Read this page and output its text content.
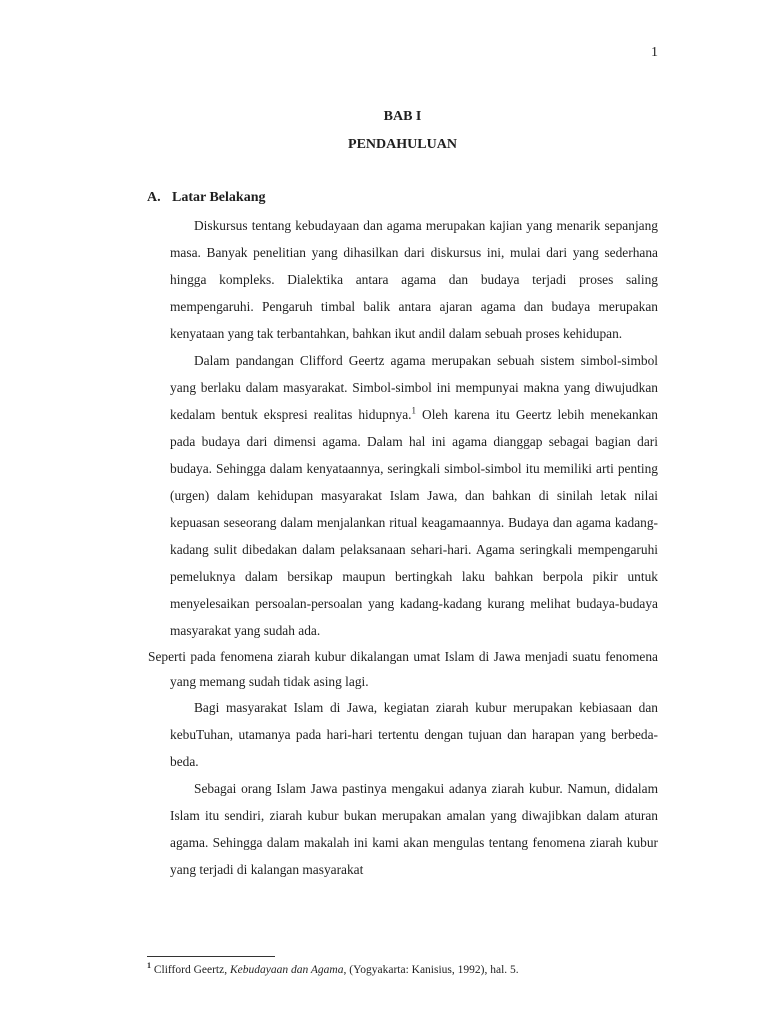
1
BAB I
PENDAHULUAN
A. Latar Belakang

Diskursus tentang kebudayaan dan agama merupakan kajian yang menarik sepanjang masa. Banyak penelitian yang dihasilkan dari diskursus ini, mulai dari yang sederhana hingga kompleks. Dialektika antara agama dan budaya terjadi proses saling mempengaruhi. Pengaruh timbal balik antara ajaran agama dan budaya merupakan kenyataan yang tak terbantahkan, bahkan ikut andil dalam sebuah proses kehidupan.

Dalam pandangan Clifford Geertz agama merupakan sebuah sistem simbol-simbol yang berlaku dalam masyarakat. Simbol-simbol ini mempunyai makna yang diwujudkan kedalam bentuk ekspresi realitas hidupnya.$^1$ Oleh karena itu Geertz lebih menekankan pada budaya dari dimensi agama. Dalam hal ini agama dianggap sebagai bagian dari budaya. Sehingga dalam kenyataannya, seringkali simbol-simbol itu memiliki arti penting (urgen) dalam kehidupan masyarakat Islam Jawa, dan bahkan di sinilah letak nilai kepuasan seseorang dalam menjalankan ritual keagamaannya. Budaya dan agama kadang-kadang sulit dibedakan dalam pelaksanaan sehari-hari. Agama seringkali mempengaruhi pemeluknya dalam bersikap maupun bertingkah laku bahkan berpola pikir untuk menyelesaikan persoalan-persoalan yang kadang-kadang kurang melihat budaya-budaya masyarakat yang sudah ada.

Seperti pada fenomena ziarah kubur dikalangan umat Islam di Jawa menjadi suatu fenomena yang memang sudah tidak asing lagi.

Bagi masyarakat Islam di Jawa, kegiatan ziarah kubur merupakan kebiasaan dan kebuTuhan, utamanya pada hari-hari tertentu dengan tujuan dan harapan yang berbeda-beda.

Sebagai orang Islam Jawa pastinya mengakui adanya ziarah kubur. Namun, didalam Islam itu sendiri, ziarah kubur bukan merupakan amalan yang diwajibkan dalam aturan agama. Sehingga dalam makalah ini kami akan mengulas tentang fenomena ziarah kubur yang terjadi di kalangan masyarakat

$^1$ Clifford Geertz, Kebudayaan dan Agama, (Yogyakarta: Kanisius, 1992), hal. 5.
